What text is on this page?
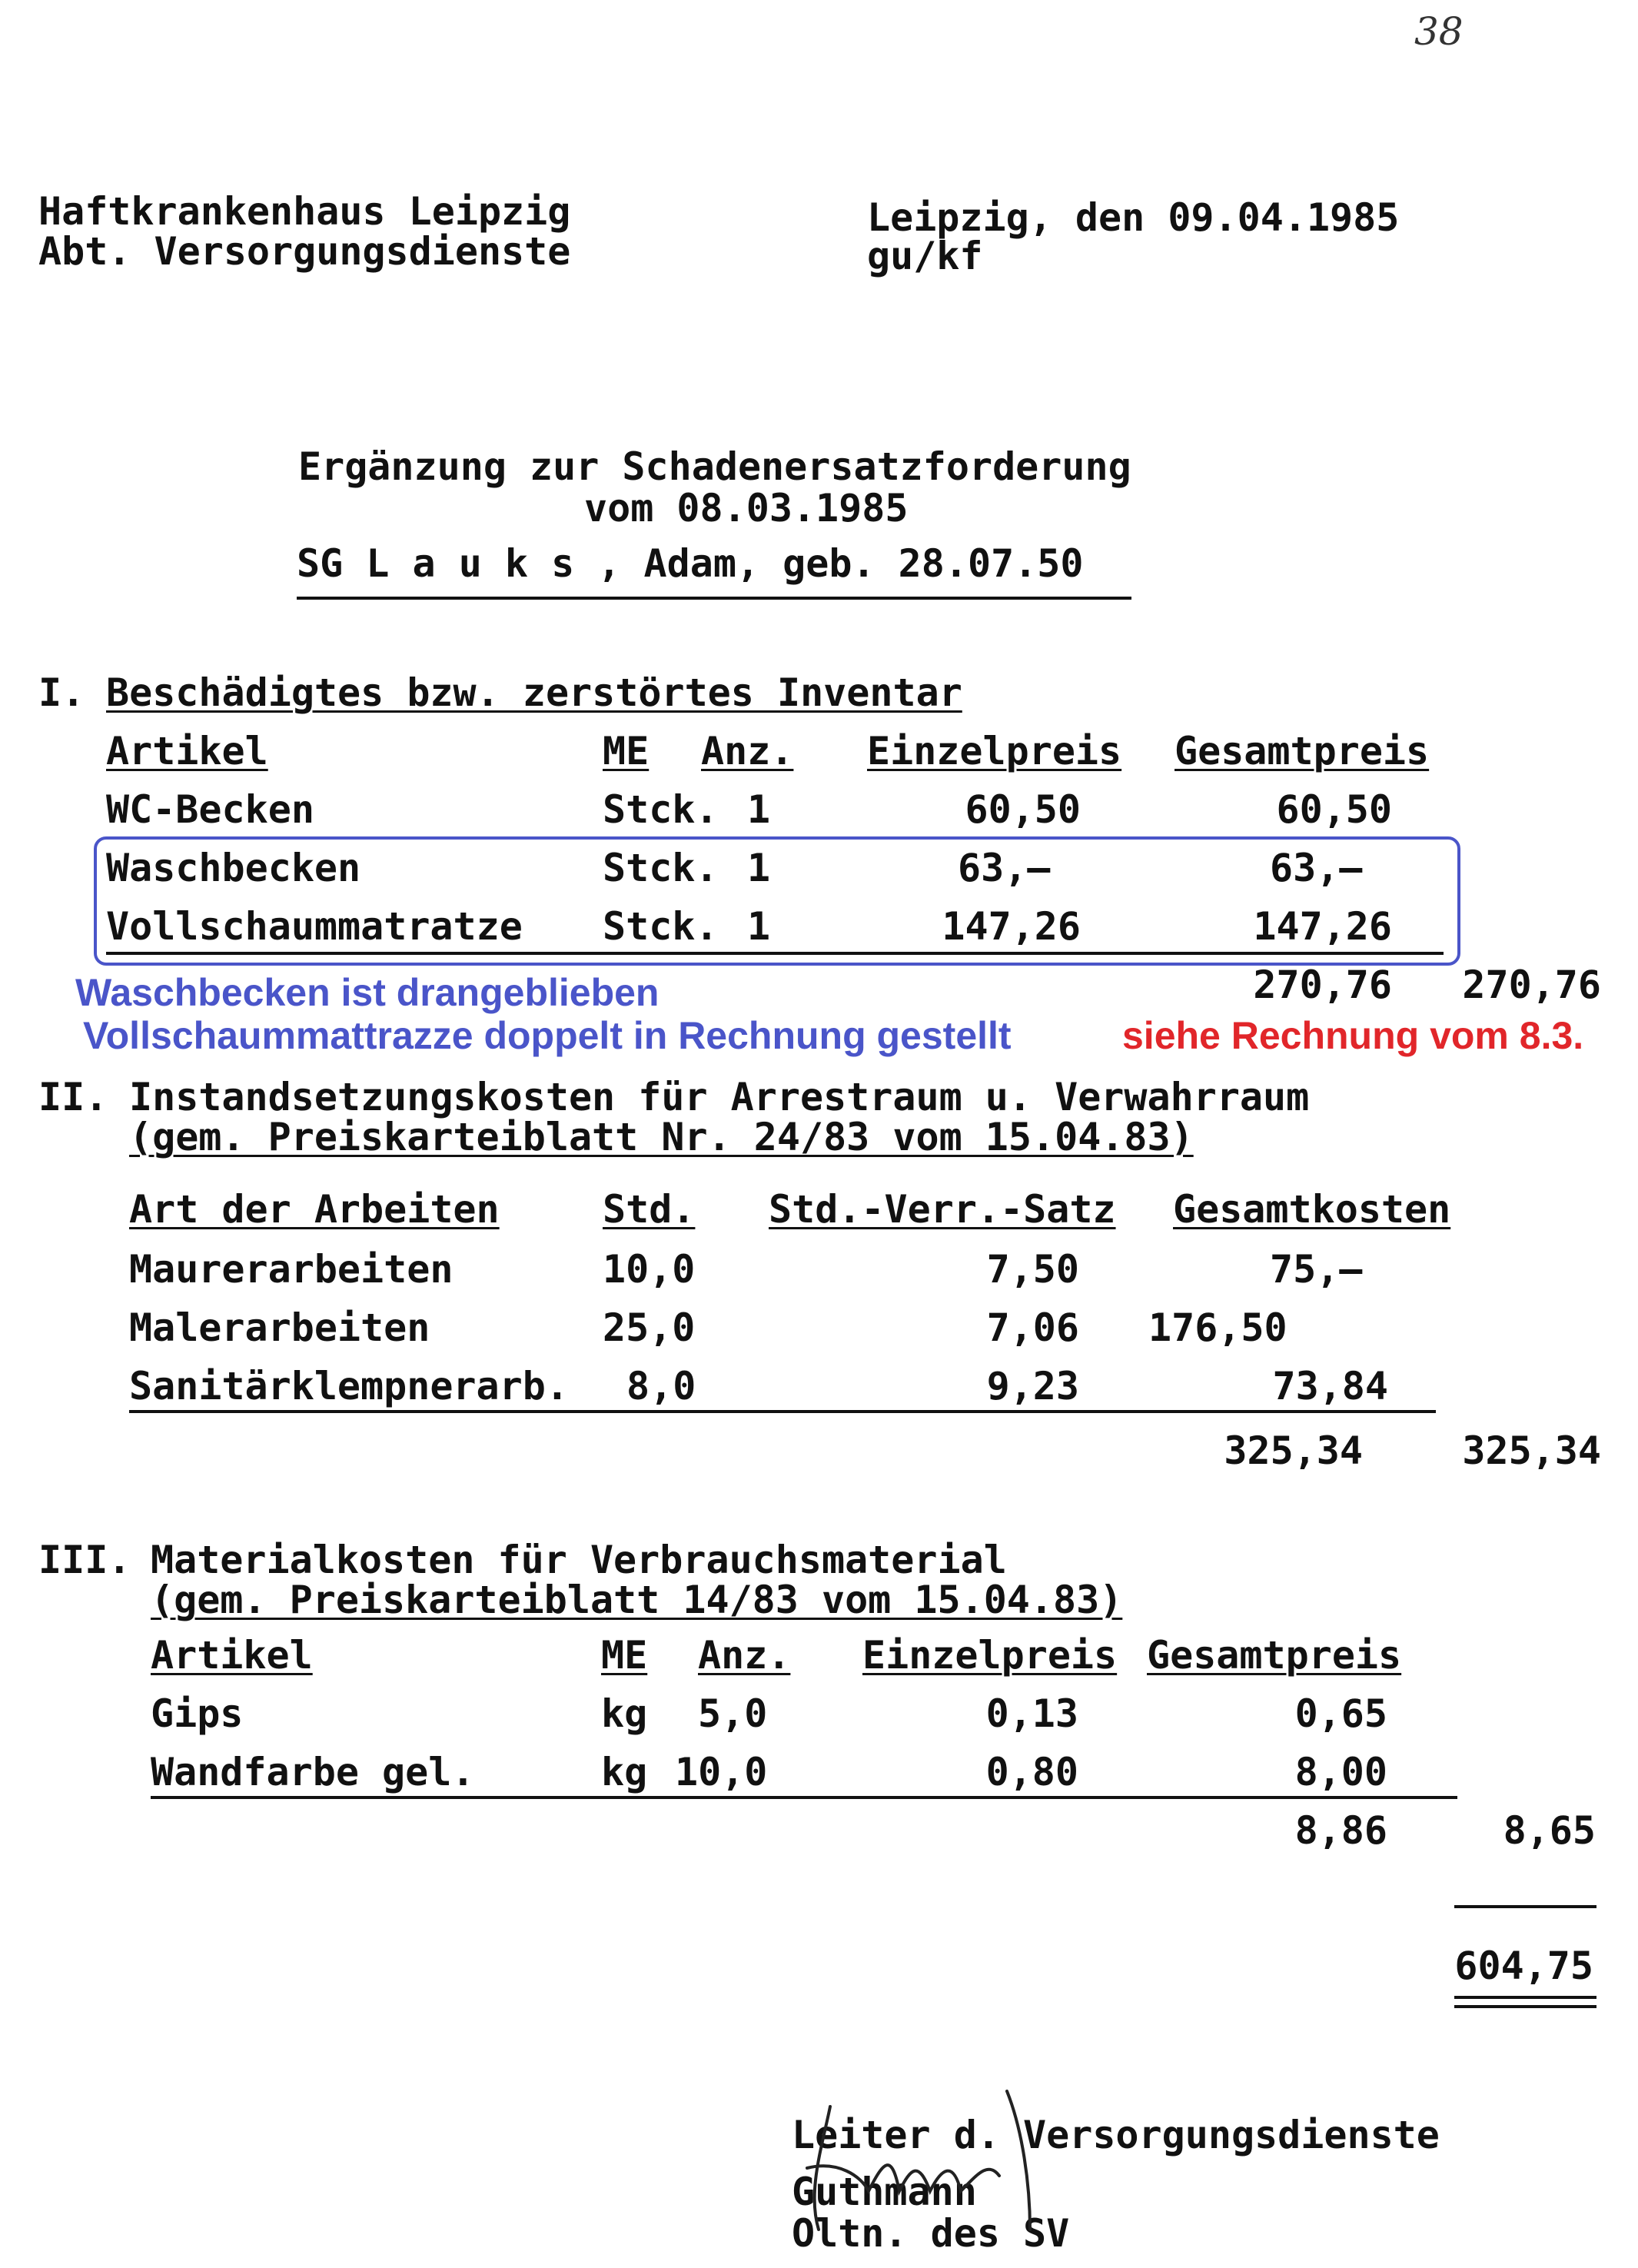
38
Haftkrankenhaus Leipzig
Abt. Versorgungsdienste
Leipzig, den 09.04.1985
gu/kf
Ergänzung zur Schadenersatzforderung
vom 08.03.1985
SG L a u k s , Adam, geb. 28.07.50
I. Beschädigtes bzw. zerstörtes Inventar
Artikel	ME Anz. Einzelpreis Gesamtpreis
WC-Becken	Stck. 1	60,50	60,50
Waschbecken	Stck. 1	63,—	63,—
Vollschaummatratze Stck. 1	147,26	147,26
270,76 270,76
Waschbecken ist drangeblieben
Vollschaummattrazze doppelt in Rechnung gestellt	siehe Rechnung vom 8.3.
II. Instandsetzungskosten für Arrestraum u. Verwahrraum
(gem. Preiskarteiblatt Nr. 24/83 vom 15.04.83)
Art der Arbeiten	Std. Std.-Verr.-Satz Gesamtkosten
Maurerarbeiten	10,0	7,50	75,—
Malerarbeiten	25,0	7,06 176,50
Sanitärklempnerarb. 8,0	9,23	73,84
325,34	325,34
III. Materialkosten für Verbrauchsmaterial
(gem. Preiskarteiblatt 14/83 vom 15.04.83)
Artikel	ME Anz. Einzelpreis Gesamtpreis
Gips	kg 5,0	0,13	0,65
Wandfarbe gel.	kg 10,0	0,80	8,00
8,86	8,65
604,75
Leiter d. Versorgungsdienste
Guthmann
Oltn. des SV
